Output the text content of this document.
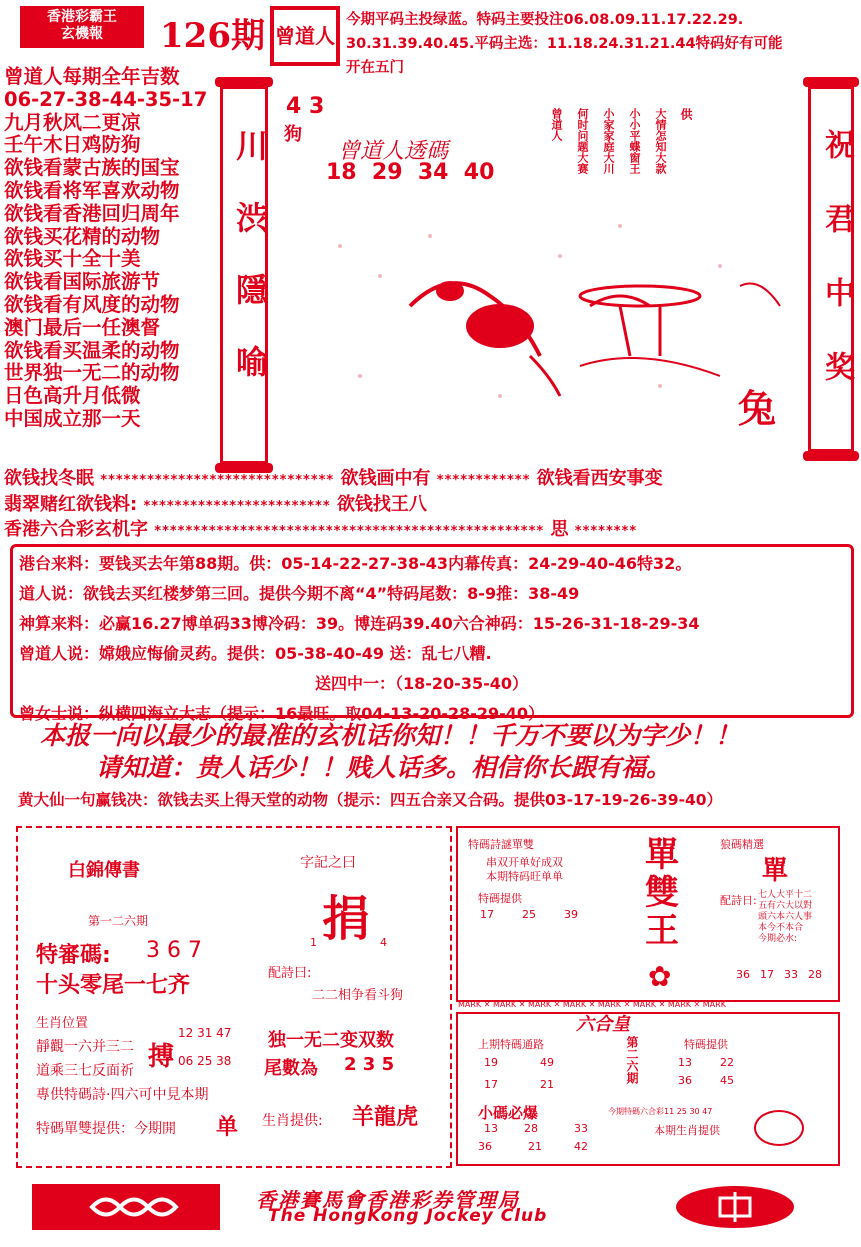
香港彩霸王
玄機報	126期 曾道人
今期平码主投绿蓝。特码主要投注06.08.09.11.17.22.29.
30.31.39.40.45.平码主选：11.18.24.31.21.44特码好有可能
开在五门
曾道人每期全年吉数
06-27-38-44-35-17
九月秋风二更凉
壬午木日鸡防狗
欲钱看蒙古族的国宝
欲钱看将军喜欢动物
欲钱看香港回归周年
欲钱买花精的动物
欲钱买十全十美
欲钱看国际旅游节
欲钱看有风度的动物
澳门最后一任澳督
欲钱看买温柔的动物
世界独一无二的动物
日色高升月低微
中国成立那一天
川渋隱喻	祝君中奖
4 3
狗
曾道人透碼
18  29  34  40
供
大情怎知大款
小小平蝶窗王
小家家庭大川
何时问题大赛
曾道人
兔
欲钱找冬眠 ****************************** 欲钱画中有 ************ 欲钱看西安事变
翡翠赌红欲钱料: ************************ 欲钱找王八
香港六合彩玄机字 ************************************************** 思 ********
港台来料：要钱买去年第88期。供：05-14-22-27-38-43内幕传真：24-29-40-46特32。
道人说：欲钱去买红楼梦第三回。提供今期不离“4”特码尾数：8-9推：38-49
神算来料：必赢16.27博单码33博冷码：39。博连码39.40六合神码：15-26-31-18-29-34
曾道人说：嫦娥应悔偷灵药。提供：05-38-40-49 送：乱七八糟.
送四中一：（18-20-35-40）
曾女士说：纵横四海立大志（提示：16最旺。取04-13-20-28-29-40）
本报一向以最少的最准的玄机话你知！！千万不要以为字少！！
请知道：贵人话少！！贱人话多。相信你长跟有福。
黄大仙一句赢钱决：欲钱去买上得天堂的动物（提示：四五合亲又合码。提供03-17-19-26-39-40）
白錦傳書
第一二六期
特審碼: 3 6 7
十头零尾一七齐
生肖位置
靜觀一六并三二
道乘三七反面祈
專供特碼詩·四六可中見本期
特碼單雙提供：今期開 单
字記之曰
捐
1	4
配詩曰:
二二相争看斗狗
搏
12 31 47
06 25 38
独一无二变双数
尾數為 2 3 5
生肖提供: 羊龍虎
特碼詩謎單雙
串双开单好成双
本期特码旺单单
特碼提供
17	25	39
單
雙
王
狼碼精選
單
配詩日: 七人大平十二
五有六大以對
頭六本六人事
本今不本合
今期必水:
36 17 33 28
✿
MARK ✕ MARK ✕ MARK ✕ MARK ✕ MARK ✕ MARK ✕ MARK ✕ MARK
六合皇
上期特碼通路
19	49
17	21
小碼必爆
13 28	33
36	21	42
第二六期	特碼提供
13	22
36	45
今期特碼六合彩11 25 30 47
本期生肖提供
香港賽馬會香港彩券管理局
The HongKong Jockey Club
